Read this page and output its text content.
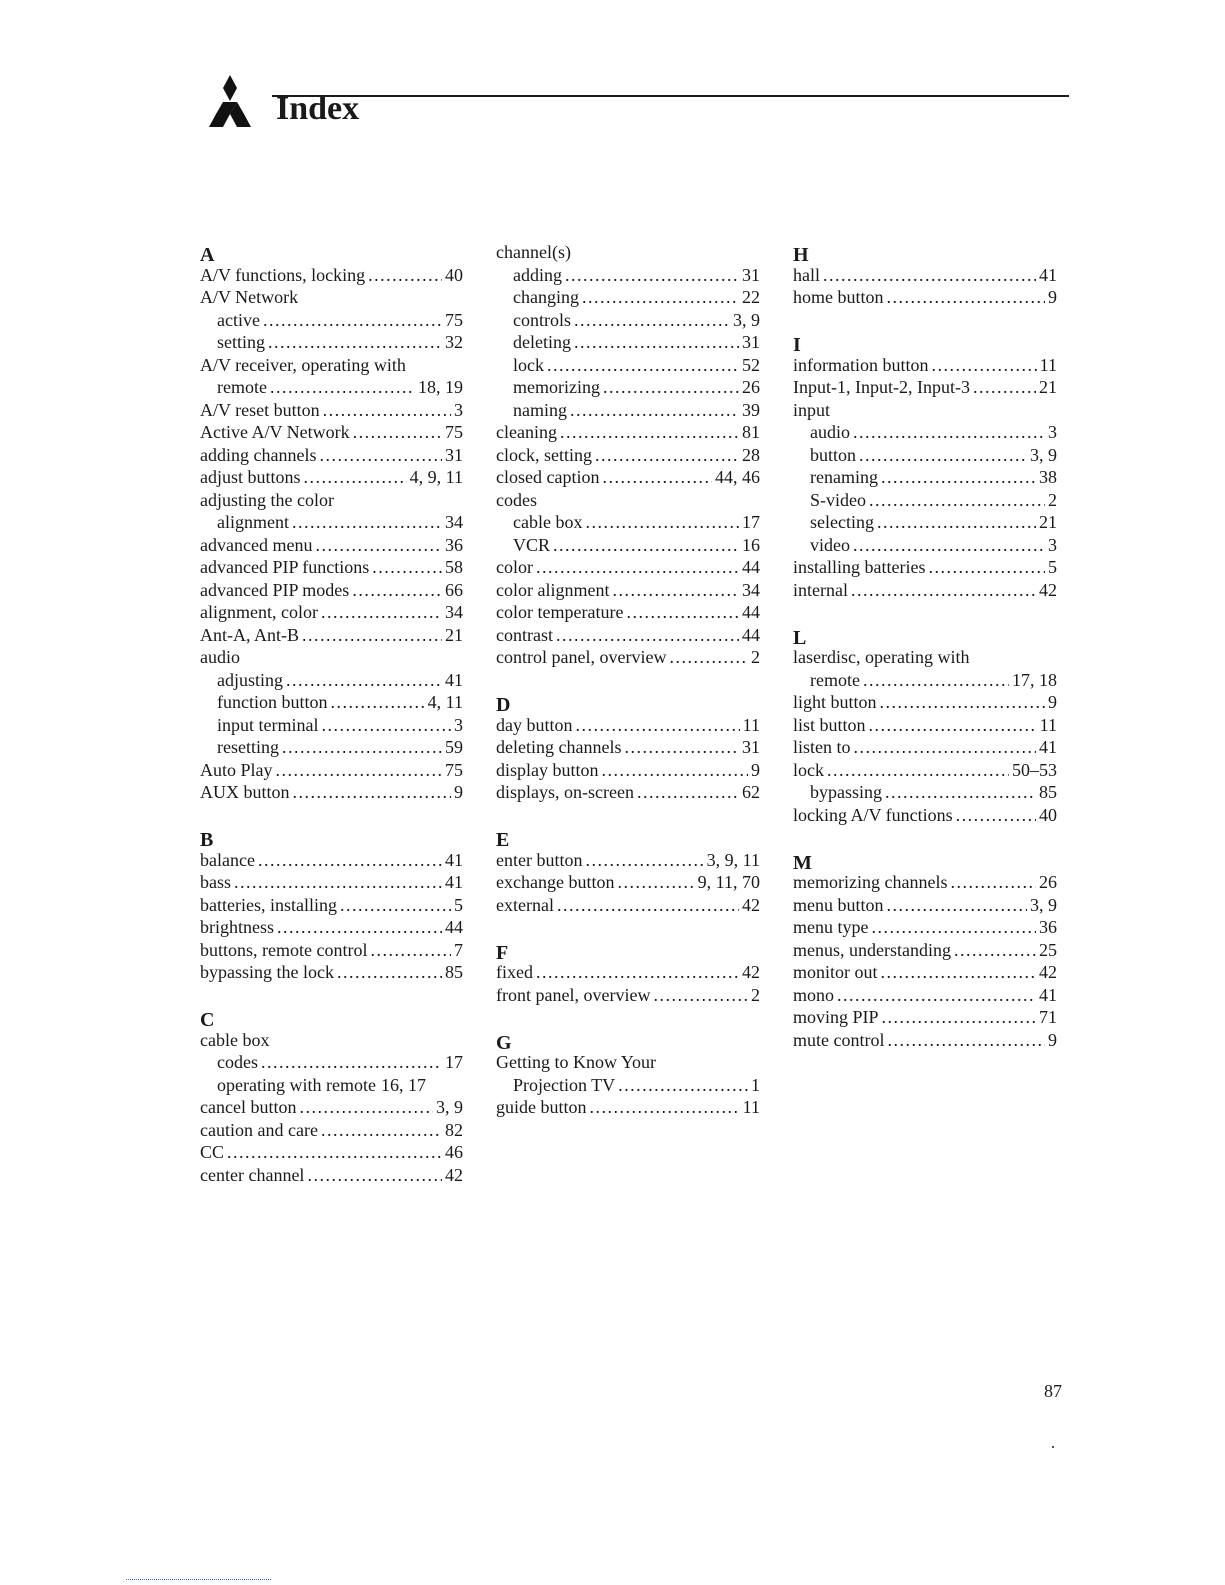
Index
A
A/V functions, locking . . .	40
A/V Network
active . . .	75
setting . . .	32
A/V receiver, operating with
remote . . .	18, 19
A/V reset button . . .	3
Active A/V Network . . .	75
adding channels . . .	31
adjust buttons . . .	4, 9, 11
adjusting the color
alignment . . .	34
advanced menu . . .	36
advanced PIP functions . . .	58
advanced PIP modes . . .	66
alignment, color . . .	34
Ant-A, Ant-B . . .	21
audio
adjusting . . .	41
function button . . .	4, 11
input terminal . . .	3
resetting . . .	59
Auto Play . . .	75
AUX button . . .	9
B
balance . . .	41
bass . . .	41
batteries, installing . . .	5
brightness . . .	44
buttons, remote control . . .	7
bypassing the lock . . .	85
C
cable box
codes . . .	17
operating with remote 16, 17
cancel button . . .	3, 9
caution and care . . .	82
CC . . .	46
center channel . . .	42
channel(s)
adding . . .	31
changing . . .	22
controls . . .	3, 9
deleting . . .	31
lock . . .	52
memorizing . . .	26
naming . . .	39
cleaning . . .	81
clock, setting . . .	28
closed caption . . .	44, 46
codes
cable box . . .	17
VCR . . .	16
color . . .	44
color alignment . . .	34
color temperature . . .	44
contrast . . .	44
control panel, overview . . .	2
D
day button . . .	11
deleting channels . . .	31
display button . . .	9
displays, on-screen . . .	62
E
enter button . . .	3, 9, 11
exchange button . . .	9, 11, 70
external . . .	42
F
fixed . . .	42
front panel, overview . . .	2
G
Getting to Know Your
Projection TV . . .	1
guide button . . .	11
H
hall . . .	41
home button . . .	9
I
information button . . .	11
Input-1, Input-2, Input-3 . . .	21
input
audio . . .	3
button . . .	3, 9
renaming . . .	38
S-video . . .	2
selecting . . .	21
video . . .	3
installing batteries . . .	5
internal . . .	42
L
laserdisc, operating with
remote . . .	17, 18
light button . . .	9
list button . . .	11
listen to . . .	41
lock . . .	50–53
bypassing . . .	85
locking A/V functions . . .	40
M
memorizing channels . . .	26
menu button . . .	3, 9
menu type . . .	36
menus, understanding . . .	25
monitor out . . .	42
mono . . .	41
moving PIP . . .	71
mute control . . .	9
87
